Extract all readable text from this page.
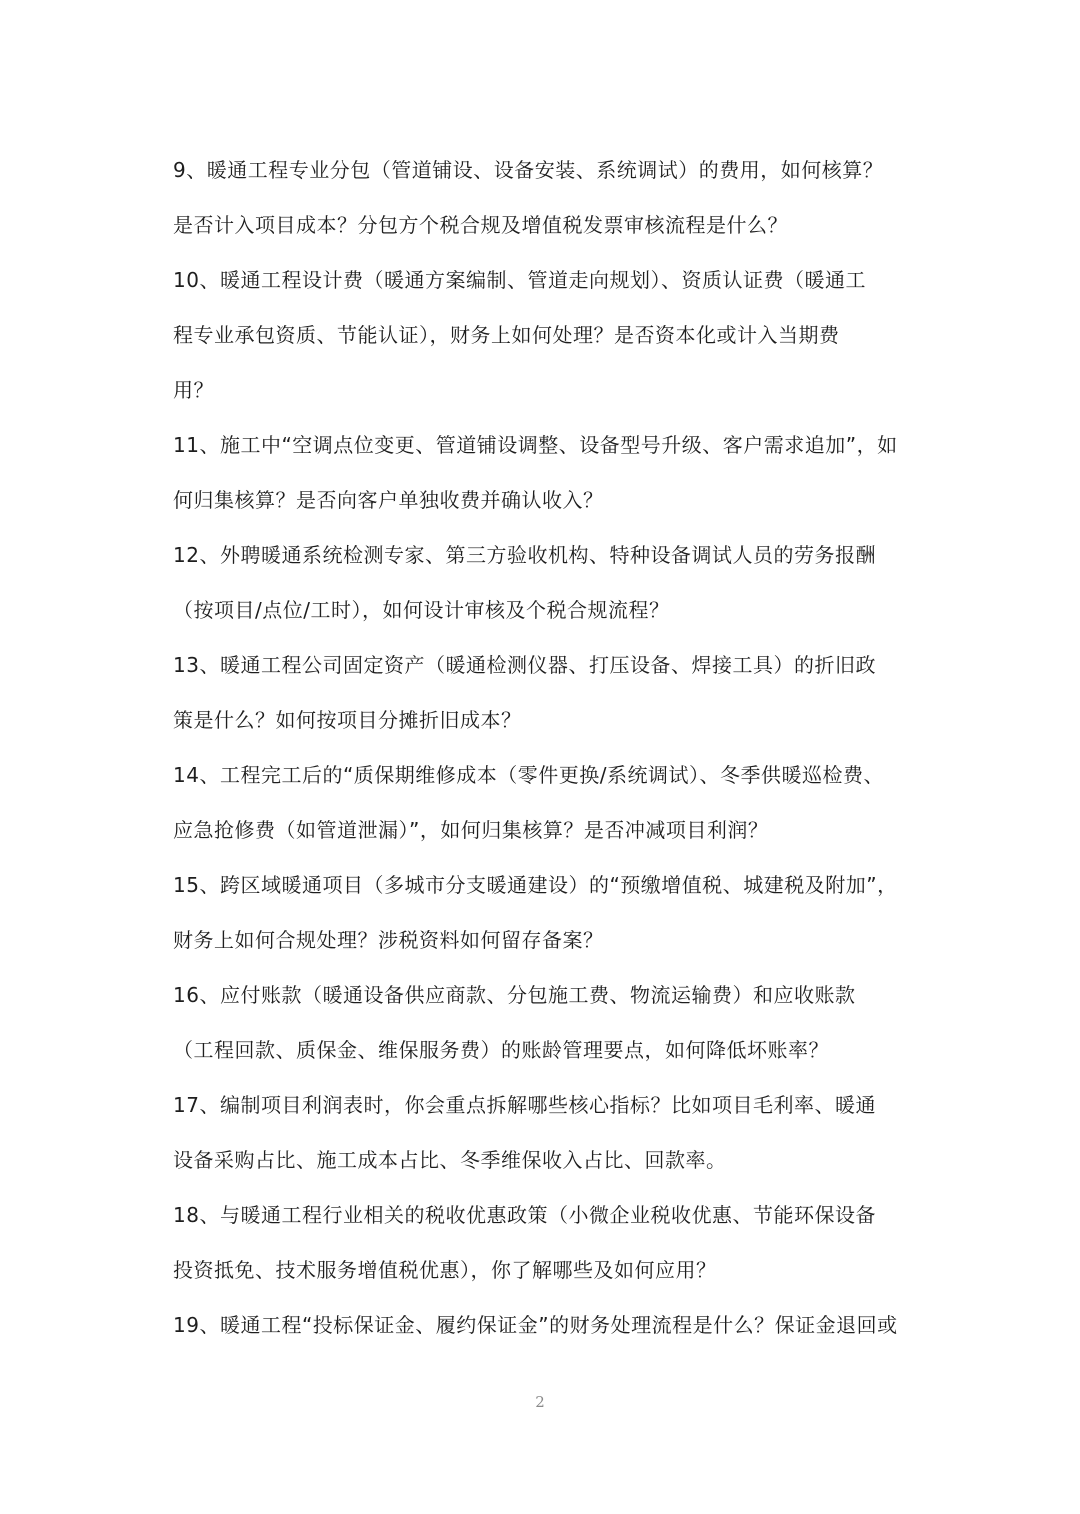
9、暖通工程专业分包（管道铺设、设备安装、系统调试）的费用，如何核算？
是否计入项目成本？分包方个税合规及增值税发票审核流程是什么？
10、暖通工程设计费（暖通方案编制、管道走向规划）、资质认证费（暖通工
程专业承包资质、节能认证），财务上如何处理？是否资本化或计入当期费
用？
11、施工中“空调点位变更、管道铺设调整、设备型号升级、客户需求追加”，如
何归集核算？是否向客户单独收费并确认收入？
12、外聘暖通系统检测专家、第三方验收机构、特种设备调试人员的劳务报酬
（按项目/点位/工时），如何设计审核及个税合规流程？
13、暖通工程公司固定资产（暖通检测仪器、打压设备、焊接工具）的折旧政
策是什么？如何按项目分摊折旧成本？
14、工程完工后的“质保期维修成本（零件更换/系统调试）、冬季供暖巡检费、
应急抢修费（如管道泄漏）”，如何归集核算？是否冲减项目利润？
15、跨区域暖通项目（多城市分支暖通建设）的“预缴增值税、城建税及附加”，
财务上如何合规处理？涉税资料如何留存备案？
16、应付账款（暖通设备供应商款、分包施工费、物流运输费）和应收账款
（工程回款、质保金、维保服务费）的账龄管理要点，如何降低坏账率？
17、编制项目利润表时，你会重点拆解哪些核心指标？比如项目毛利率、暖通
设备采购占比、施工成本占比、冬季维保收入占比、回款率。
18、与暖通工程行业相关的税收优惠政策（小微企业税收优惠、节能环保设备
投资抵免、技术服务增值税优惠），你了解哪些及如何应用？
19、暖通工程“投标保证金、履约保证金”的财务处理流程是什么？保证金退回或
2
